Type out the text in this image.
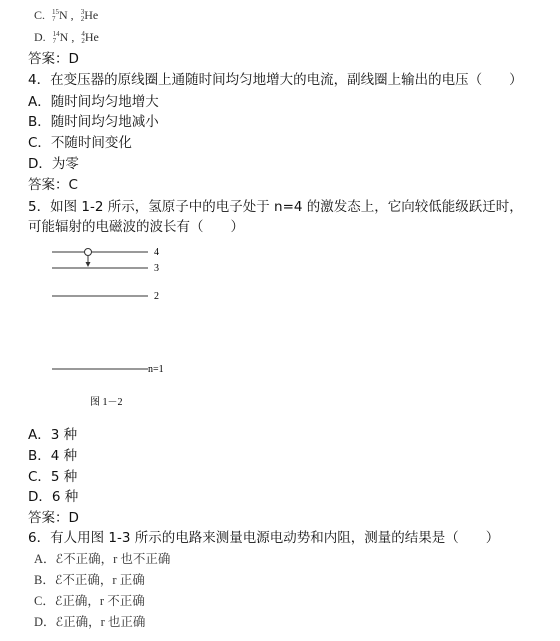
C. 15
7 N , 3
2 He
D. 14
7 N , 4
2 He
答案：D
4．在变压器的原线圈上通随时间均匀地增大的电流，副线圈上输出的电压（　　）
A．随时间均匀地增大
B．随时间均匀地减小
C．不随时间变化
D．为零
答案：C
5．如图 1-2 所示，氢原子中的电子处于 n=4 的激发态上，它向较低能级跃迁时，
可能辐射的电磁波的波长有（　　）
4
3
2
n=1
图 1－2
A．3 种
B．4 种
C．5 种
D．6 种
答案：D
6．有人用图 1-3 所示的电路来测量电源电动势和内阻，测量的结果是（　　）
A．ℰ不正确，r 也不正确
B．ℰ不正确，r 正确
C．ℰ正确，r 不正确
D．ℰ正确，r 也正确
